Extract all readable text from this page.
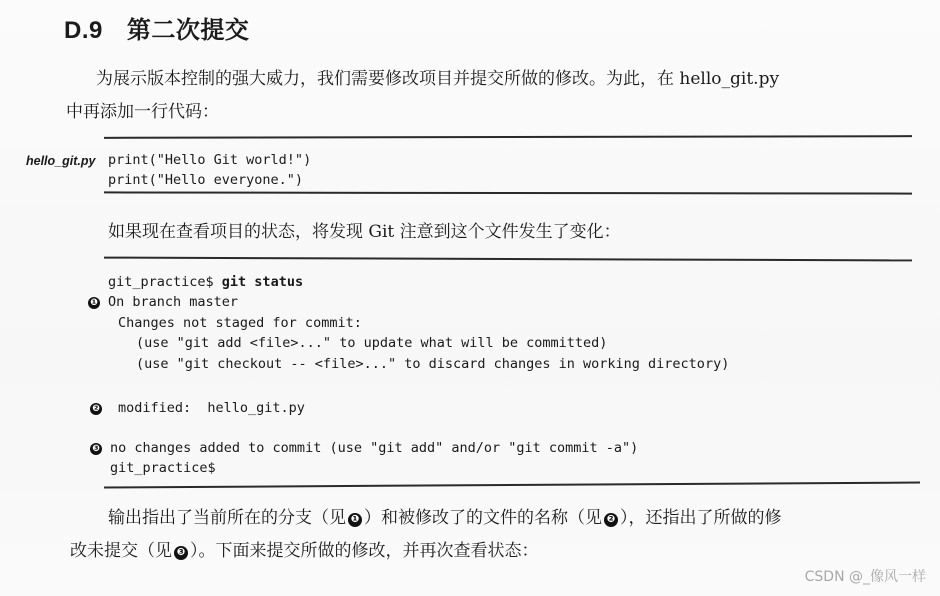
D.9 第二次提交
为展示版本控制的强大威力，我们需要修改项目并提交所做的修改。为此，在 hello_git.py
中再添加一行代码：
hello_git.py print("Hello Git world!")
print("Hello everyone.")
如果现在查看项目的状态，将发现 Git 注意到这个文件发生了变化：
git_practice$ git status
❶ On branch master
Changes not staged for commit:
(use "git add <file>..." to update what will be committed)
(use "git checkout -- <file>..." to discard changes in working directory)
❷ modified:  hello_git.py
❸ no changes added to commit (use "git add" and/or "git commit -a")
git_practice$
输出指出了当前所在的分支（见 ❶ ）和被修改了的文件的名称（见 ❷ ），还指出了所做的修
改未提交（见 ❸ ）。下面来提交所做的修改，并再次查看状态：
CSDN @_像风一样
